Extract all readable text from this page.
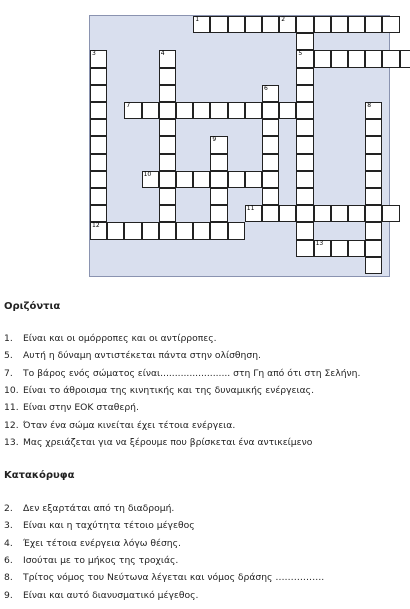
1	2
5
3	4
6
7	8
9
10
11
12
13
Οριζόντια
1. Είναι και οι ομόρροπες και οι αντίρροπες.
5. Αυτή η δύναμη αντιστέκεται πάντα στην ολίσθηση.
7. Το βάρος ενός σώματος είναι........................ στη Γη από ότι στη Σελήνη.
10. Είναι το άθροισμα της κινητικής και της δυναμικής ενέργειας.
11. Είναι στην ΕΟΚ σταθερή.
12. Όταν ένα σώμα κινείται έχει τέτοια ενέργεια.
13. Μας χρειάζεται για να ξέρουμε που βρίσκεται ένα αντικείμενο
Κατακόρυφα
2. Δεν εξαρτάται από τη διαδρομή.
3. Είναι και η ταχύτητα τέτοιο μέγεθος
4. Έχει τέτοια ενέργεια λόγω θέσης.
6. Ισούται με το μήκος της τροχιάς.
8. Τρίτος νόμος του Νεύτωνα λέγεται και νόμος δράσης …………….
9. Είναι και αυτό διανυσματικό μέγεθος.
